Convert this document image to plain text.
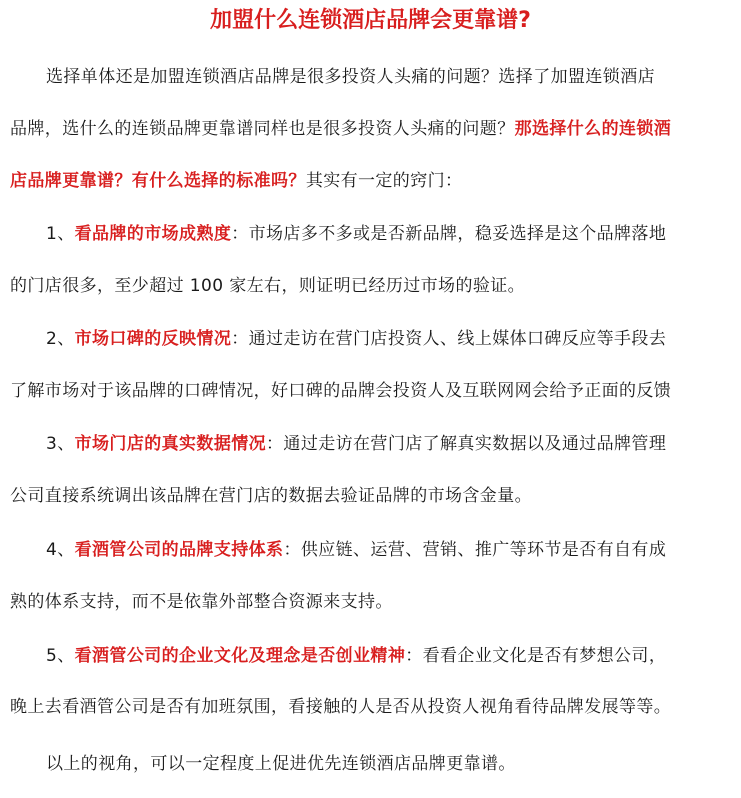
加盟什么连锁酒店品牌会更靠谱?
选择单体还是加盟连锁酒店品牌是很多投资人头痛的问题？选择了加盟连锁酒店
品牌，选什么的连锁品牌更靠谱同样也是很多投资人头痛的问题？那选择什么的连锁酒
店品牌更靠谱？有什么选择的标准吗？其实有一定的窍门：
1、看品牌的市场成熟度：市场店多不多或是否新品牌，稳妥选择是这个品牌落地
的门店很多，至少超过 100 家左右，则证明已经历过市场的验证。
2、市场口碑的反映情况：通过走访在营门店投资人、线上媒体口碑反应等手段去
了解市场对于该品牌的口碑情况，好口碑的品牌会投资人及互联网网会给予正面的反馈
3、市场门店的真实数据情况：通过走访在营门店了解真实数据以及通过品牌管理
公司直接系统调出该品牌在营门店的数据去验证品牌的市场含金量。
4、看酒管公司的品牌支持体系：供应链、运营、营销、推广等环节是否有自有成
熟的体系支持，而不是依靠外部整合资源来支持。
5、看酒管公司的企业文化及理念是否创业精神：看看企业文化是否有梦想公司，
晚上去看酒管公司是否有加班氛围，看接触的人是否从投资人视角看待品牌发展等等。
以上的视角，可以一定程度上促进优先连锁酒店品牌更靠谱。
